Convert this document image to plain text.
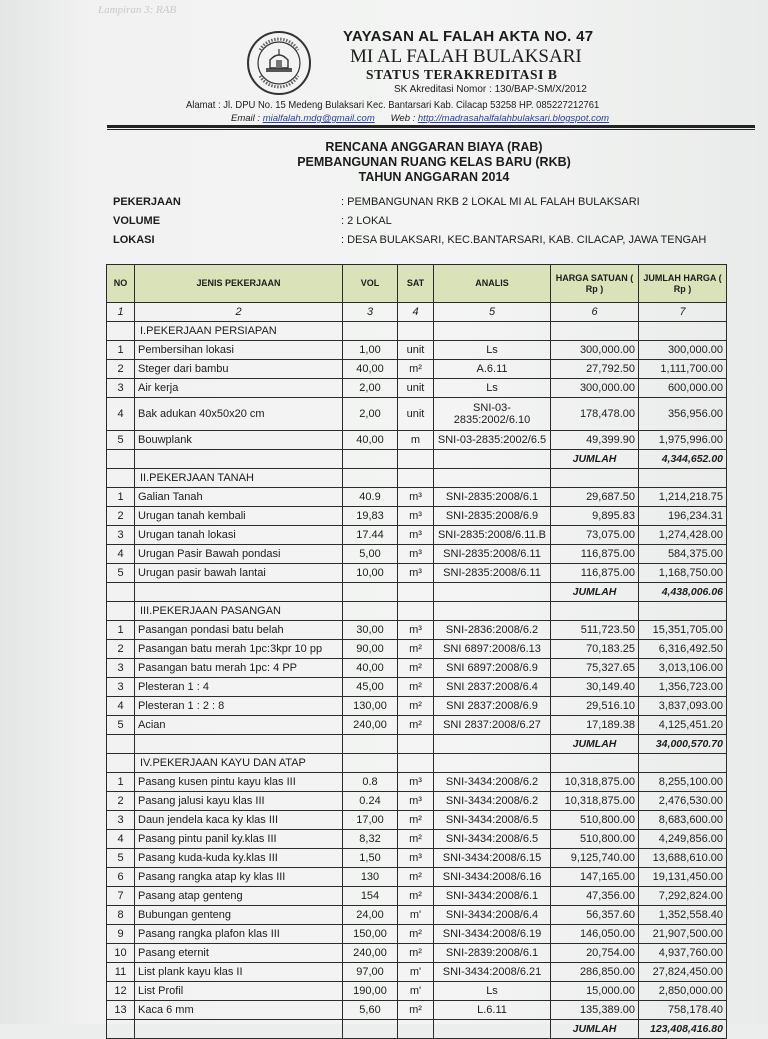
Lampiran 3: RAB
YAYASAN AL FALAH AKTA NO. 47
MI AL FALAH BULAKSARI
STATUS TERAKREDITASI B
SK Akreditasi Nomor : 130/BAP-SM/X/2012
Alamat : Jl. DPU No. 15 Medeng Bulaksari Kec. Bantarsari Kab. Cilacap 53258 HP. 085227212761
Email : mialfalah.mdg@gmail.com Web : http://madrasahalfalahbulaksari.blogspot.com
RENCANA ANGGARAN BIAYA (RAB)
PEMBANGUNAN RUANG KELAS BARU (RKB)
TAHUN ANGGARAN 2014
PEKERJAAN	: PEMBANGUNAN RKB 2 LOKAL MI AL FALAH BULAKSARI
VOLUME	: 2 LOKAL
LOKASI	: DESA BULAKSARI, KEC.BANTARSARI, KAB. CILACAP, JAWA TENGAH
NO	JENIS PEKERJAAN	VOL	SAT	ANALIS	HARGA SATUAN ( Rp )	JUMLAH HARGA ( Rp )
1	2	3	4	5	6	7
	I.PEKERJAAN PERSIAPAN					
1	Pembersihan lokasi	1,00	unit	Ls	300,000.00	300,000.00
2	Steger dari bambu	40,00	m²	A.6.11	27,792.50	1,111,700.00
3	Air kerja	2,00	unit	Ls	300,000.00	600,000.00
4	Bak adukan 40x50x20 cm	2,00	unit	SNI-03-2835:2002/6.10	178,478.00	356,956.00
5	Bouwplank	40,00	m	SNI-03-2835:2002/6.5	49,399.90	1,975,996.00
					JUMLAH	4,344,652.00
	II.PEKERJAAN TANAH					
1	Galian Tanah	40.9	m³	SNI-2835:2008/6.1	29,687.50	1,214,218.75
2	Urugan tanah kembali	19,83	m³	SNI-2835:2008/6.9	9,895.83	196,234.31
3	Urugan tanah lokasi	17.44	m³	SNI-2835:2008/6.11.B	73,075.00	1,274,428.00
4	Urugan Pasir Bawah pondasi	5,00	m³	SNI-2835:2008/6.11	116,875.00	584,375.00
5	Urugan pasir bawah lantai	10,00	m³	SNI-2835:2008/6.11	116,875.00	1,168,750.00
					JUMLAH	4,438,006.06
	III.PEKERJAAN PASANGAN					
1	Pasangan pondasi batu belah	30,00	m³	SNI-2836:2008/6.2	511,723.50	15,351,705.00
2	Pasangan batu merah 1pc:3kpr 10 pp	90,00	m²	SNI 6897:2008/6.13	70,183.25	6,316,492.50
3	Pasangan batu merah 1pc: 4 PP	40,00	m²	SNI 6897:2008/6.9	75,327.65	3,013,106.00
3	Plesteran 1 : 4	45,00	m²	SNI 2837:2008/6.4	30,149.40	1,356,723.00
4	Plesteran 1 : 2 : 8	130,00	m²	SNI 2837:2008/6.9	29,516.10	3,837,093.00
5	Acian	240,00	m²	SNI 2837:2008/6.27	17,189.38	4,125,451.20
					JUMLAH	34,000,570.70
	IV.PEKERJAAN KAYU DAN ATAP					
1	Pasang kusen pintu kayu klas III	0.8	m³	SNI-3434:2008/6.2	10,318,875.00	8,255,100.00
2	Pasang jalusi kayu klas III	0.24	m³	SNI-3434:2008/6.2	10,318,875.00	2,476,530.00
3	Daun jendela kaca ky klas III	17,00	m²	SNI-3434:2008/6.5	510,800.00	8,683,600.00
4	Pasang pintu panil ky.klas III	8,32	m²	SNI-3434:2008/6.5	510,800.00	4,249,856.00
5	Pasang kuda-kuda ky.klas III	1,50	m³	SNI-3434:2008/6.15	9,125,740.00	13,688,610.00
6	Pasang rangka atap ky klas III	130	m²	SNI-3434:2008/6.16	147,165.00	19,131,450.00
7	Pasang atap genteng	154	m²	SNI-3434:2008/6.1	47,356.00	7,292,824.00
8	Bubungan genteng	24,00	m'	SNI-3434:2008/6.4	56,357.60	1,352,558.40
9	Pasang rangka plafon klas III	150,00	m²	SNI-3434:2008/6.19	146,050.00	21,907,500.00
10	Pasang eternit	240,00	m²	SNI-2839:2008/6.1	20,754.00	4,937,760.00
11	List plank kayu klas II	97,00	m'	SNI-3434:2008/6.21	286,850.00	27,824,450.00
12	List Profil	190,00	m'	Ls	15,000.00	2,850,000.00
13	Kaca 6 mm	5,60	m²	L.6.11	135,389.00	758,178.40
					JUMLAH	123,408,416.80
